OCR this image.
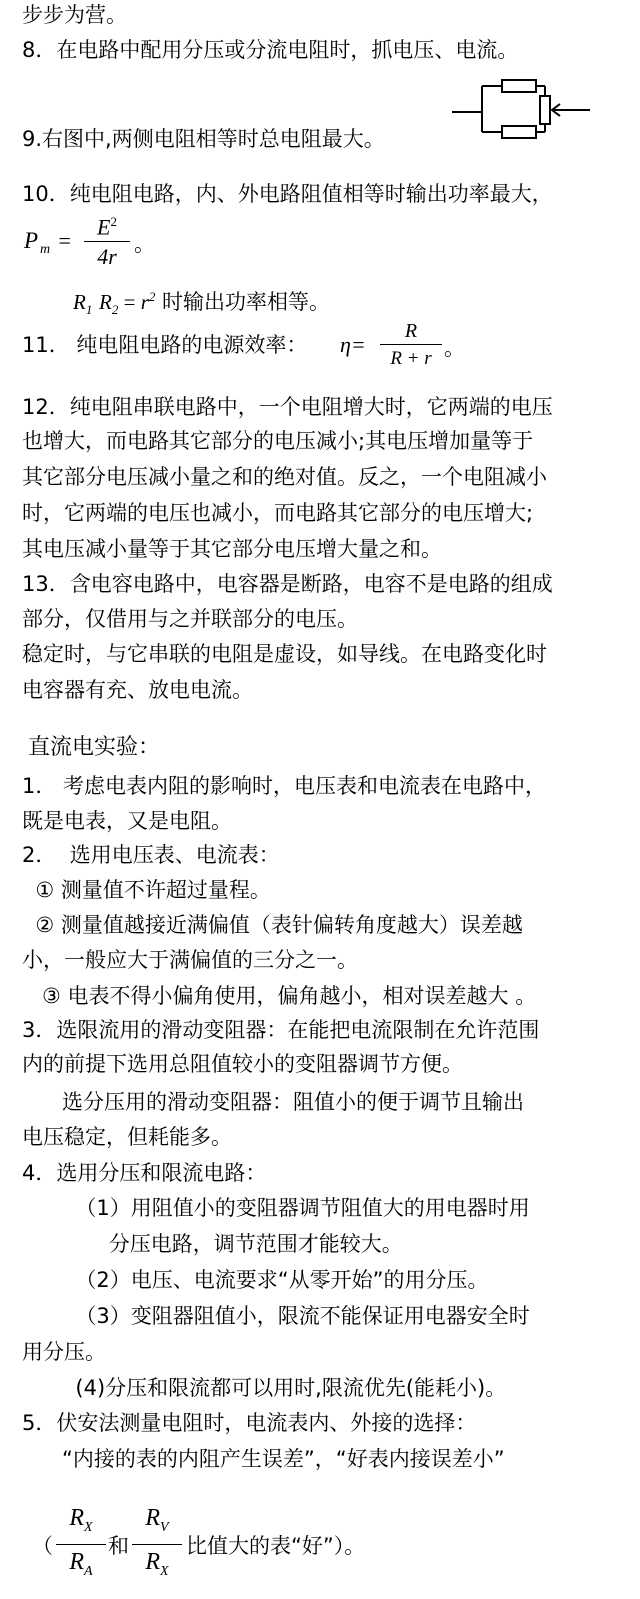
步步为营。
8．在电路中配用分压或分流电阻时，抓电压、电流。
9.右图中,两侧电阻相等时总电阻最大。
10．纯电阻电路，内、外电路阻值相等时输出功率最大，
P m =
$E^2$
4r
。
$R_1$ $R_2 = r^2$ 时输出功率相等。
11． 纯电阻电路的电源效率： η=
R
R + r 。
12．纯电阻串联电路中，一个电阻增大时，它两端的电压
也增大，而电路其它部分的电压减小;其电压增加量等于
其它部分电压减小量之和的绝对值。反之，一个电阻减小
时，它两端的电压也减小，而电路其它部分的电压增大;
其电压减小量等于其它部分电压增大量之和。
13．含电容电路中，电容器是断路，电容不是电路的组成
部分，仅借用与之并联部分的电压。
稳定时，与它串联的电阻是虚设，如导线。在电路变化时
电容器有充、放电电流。
直流电实验：
1． 考虑电表内阻的影响时，电压表和电流表在电路中，
既是电表，又是电阻。
2．  选用电压表、电流表：
① 测量值不许超过量程。
② 测量值越接近满偏值（表针偏转角度越大）误差越
小，一般应大于满偏值的三分之一。
③ 电表不得小偏角使用，偏角越小，相对误差越大 。
3．选限流用的滑动变阻器：在能把电流限制在允许范围
内的前提下选用总阻值较小的变阻器调节方便。
选分压用的滑动变阻器：阻值小的便于调节且输出
电压稳定，但耗能多。
4．选用分压和限流电路：
（1）用阻值小的变阻器调节阻值大的用电器时用
分压电路，调节范围才能较大。
（2）电压、电流要求“从零开始”的用分压。
（3）变阻器阻值小，限流不能保证用电器安全时
用分压。
(4)分压和限流都可以用时,限流优先(能耗小)。
5．伏安法测量电阻时，电流表内、外接的选择：
“内接的表的内阻产生误差”，“好表内接误差小”
（
$R_X$
$R_A$
和
$R_V$
$R_X$
比值大的表“好”）。
